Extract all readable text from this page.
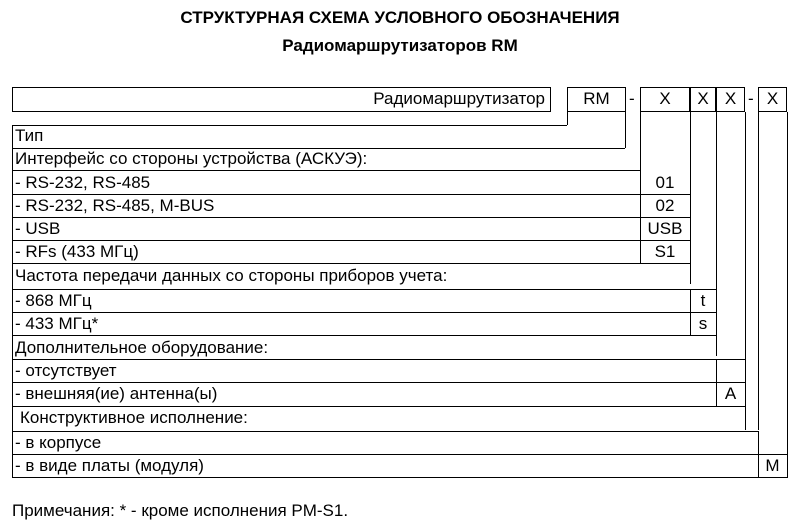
СТРУКТУРНАЯ СХЕМА УСЛОВНОГО ОБОЗНАЧЕНИЯ
Радиомаршрутизаторов RM
Радиомаршрутизатор	RM	-	X	X X - X
Тип
Интерфейс со стороны устройства (АСКУЭ):
- RS-232, RS-485	01
- RS-232, RS-485, M-BUS	02
- USB	USB
- RFs (433 МГц)	S1
Частота передачи данных со стороны приборов учета:
- 868 МГц	t
- 433 МГц*	s
Дополнительное оборудование:
- отсутствует
- внешняя(ие) антенна(ы)	A
Конструктивное исполнение:
- в корпусе
- в виде платы (модуля)	M
Примечания: * - кроме исполнения PM-S1.
